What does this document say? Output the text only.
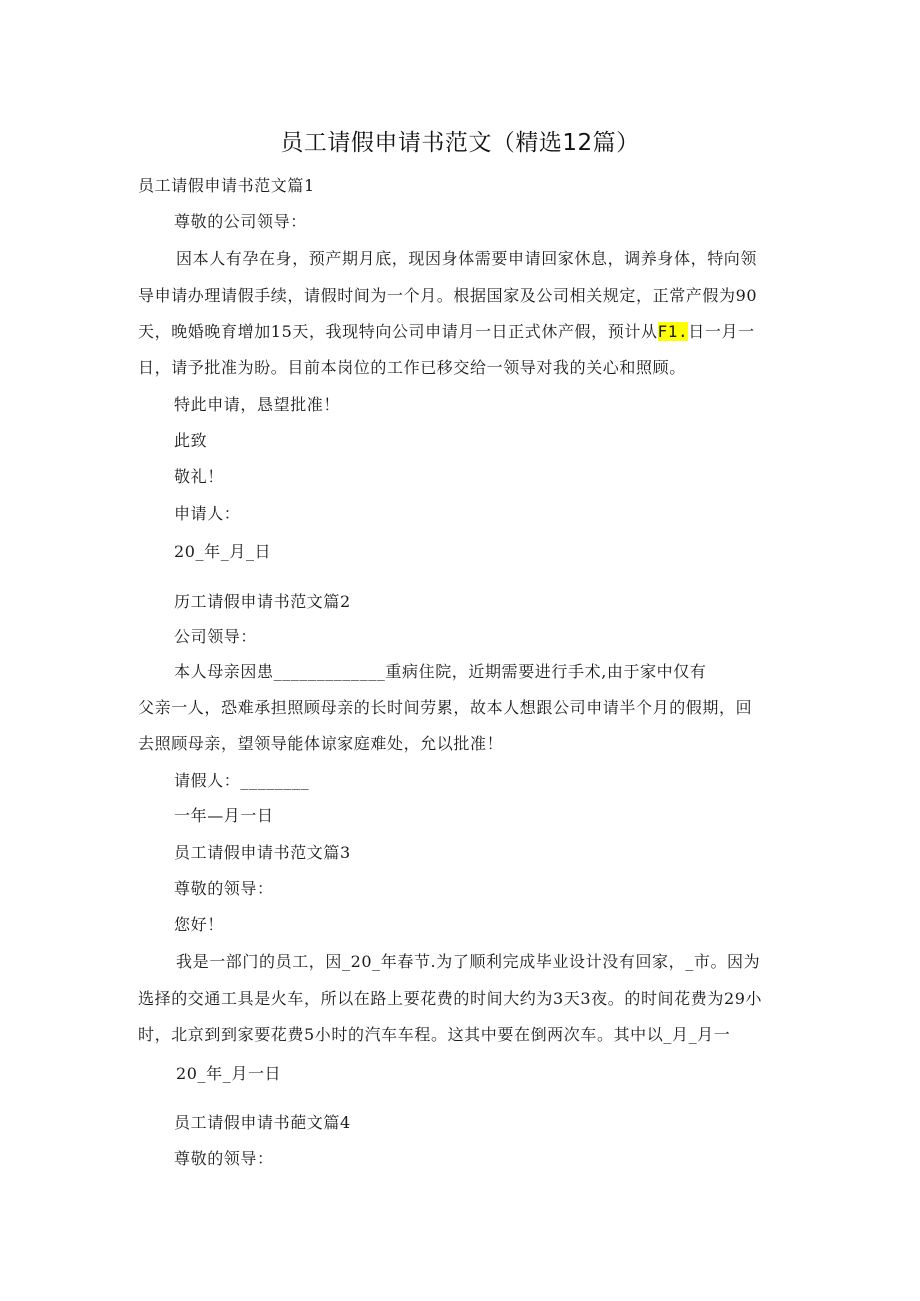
员工请假申请书范文（精选12篇）
员工请假申请书范文篇1
尊敬的公司领导：
因本人有孕在身，预产期月底，现因身体需要申请回家休息，调养身体，特向领
导申请办理请假手续，请假时间为一个月。根据国家及公司相关规定，正常产假为90
天，晚婚晚育增加15天，我现特向公司申请月一日正式休产假，预计从F1.日一月一
日，请予批准为盼。目前本岗位的工作已移交给一领导对我的关心和照顾。
特此申请，恳望批准！
此致
敬礼！
申请人：
20_年_月_日
历工请假申请书范文篇2
公司领导：
本人母亲因患_____________重病住院，近期需要进行手术,由于家中仅有
父亲一人，恐难承担照顾母亲的长时间劳累，故本人想跟公司申请半个月的假期，回
去照顾母亲，望领导能体谅家庭难处，允以批准！
请假人：________
一年—月一日
员工请假申请书范文篇3
尊敬的领导：
您好！
我是一部门的员工，因_20_年春节.为了顺利完成毕业设计没有回家，_市。因为
选择的交通工具是火车，所以在路上要花费的时间大约为3天3夜。的时间花费为29小
时，北京到到家要花费5小时的汽车车程。这其中要在倒两次车。其中以_月_月一
20_年_月一日
员工请假申请书葩文篇4
尊敬的领导：
